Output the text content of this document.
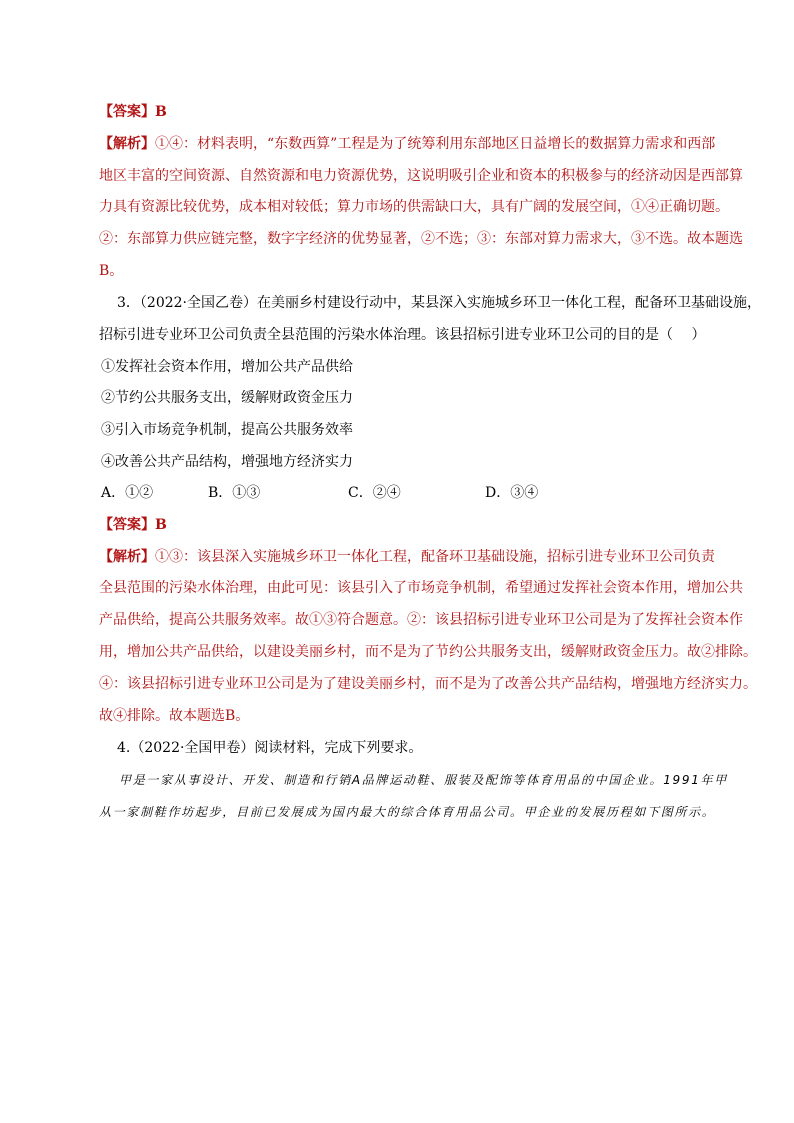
【答案】B
【解析】①④：材料表明，“东数西算”工程是为了统筹利用东部地区日益增长的数据算力需求和西部
地区丰富的空间资源、自然资源和电力资源优势，这说明吸引企业和资本的积极参与的经济动因是西部算
力具有资源比较优势，成本相对较低；算力市场的供需缺口大，具有广阔的发展空间，①④正确切题。
②：东部算力供应链完整，数字字经济的优势显著，②不选；③：东部对算力需求大，③不选。故本题选
B。
3．（2022·全国乙卷）在美丽乡村建设行动中，某县深入实施城乡环卫一体化工程，配备环卫基础设施，
招标引进专业环卫公司负责全县范围的污染水体治理。该县招标引进专业环卫公司的目的是（　 ）
①发挥社会资本作用，增加公共产品供给
②节约公共服务支出，缓解财政资金压力
③引入市场竞争机制，提高公共服务效率
④改善公共产品结构，增强地方经济实力
A．①②	B．①③	C．②④	D．③④
【答案】B
【解析】①③：该县深入实施城乡环卫一体化工程，配备环卫基础设施，招标引进专业环卫公司负责
全县范围的污染水体治理，由此可见：该县引入了市场竞争机制，希望通过发挥社会资本作用，增加公共
产品供给，提高公共服务效率。故①③符合题意。②：该县招标引进专业环卫公司是为了发挥社会资本作
用，增加公共产品供给，以建设美丽乡村，而不是为了节约公共服务支出，缓解财政资金压力。故②排除。
④：该县招标引进专业环卫公司是为了建设美丽乡村，而不是为了改善公共产品结构，增强地方经济实力。
故④排除。故本题选B。
4.（2022·全国甲卷）阅读材料，完成下列要求。
甲是一家从事设计、开发、制造和行销A品牌运动鞋、服装及配饰等体育用品的中国企业。1991年甲
从一家制鞋作坊起步，目前已发展成为国内最大的综合体育用品公司。甲企业的发展历程如下图所示。
